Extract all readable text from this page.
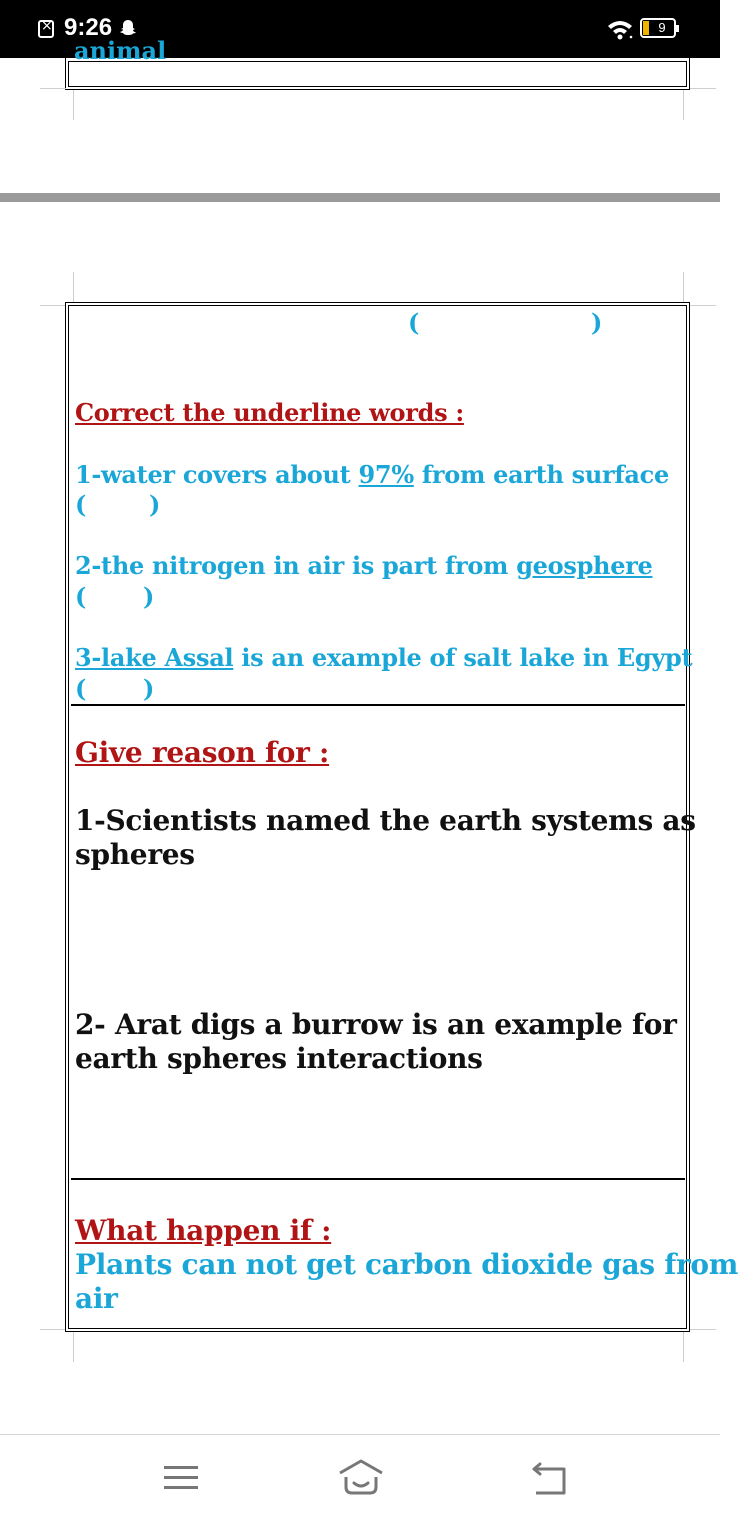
×
9:26	9
animal
(	)
Correct the underline words :
1-water covers about 97% from earth surface
(	)
2-the nitrogen in air is part from geosphere
( )
3-lake Assal is an example of salt lake in Egypt
( )
Give reason for :
1-Scientists named the earth systems as
spheres
2- Arat digs a burrow is an example for
earth spheres interactions
What happen if :
Plants can not get carbon dioxide gas from
air
